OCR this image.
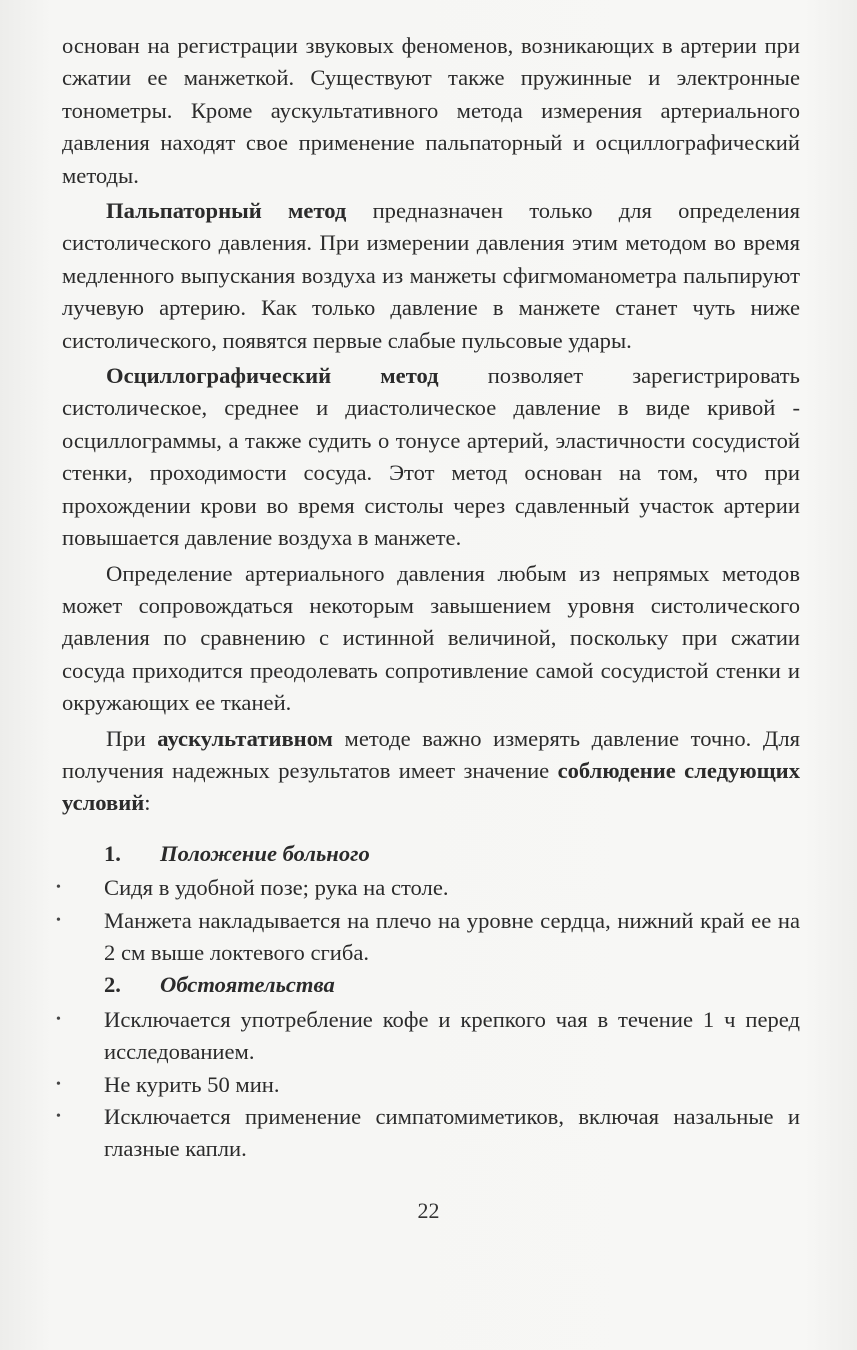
основан на регистрации звуковых феноменов, возникающих в артерии при сжатии ее манжеткой. Существуют также пружинные и электронные тонометры. Кроме аускультативного метода измерения артериального давления находят свое применение пальпаторный и осциллографический методы.

Пальпаторный метод предназначен только для определения систолического давления. При измерении давления этим методом во время медленного выпускания воздуха из манжеты сфигмоманометра пальпируют лучевую артерию. Как только давление в манжете станет чуть ниже систолического, появятся первые слабые пульсовые удары.

Осциллографический метод позволяет зарегистрировать систолическое, среднее и диастолическое давление в виде кривой - осциллограммы, а также судить о тонусе артерий, эластичности сосудистой стенки, проходимости сосуда. Этот метод основан на том, что при прохождении крови во время систолы через сдавленный участок артерии повышается давление воздуха в манжете.

Определение артериального давления любым из непрямых методов может сопровождаться некоторым завышением уровня систолического давления по сравнению с истинной величиной, поскольку при сжатии сосуда приходится преодолевать сопротивление самой сосудистой стенки и окружающих ее тканей.

При аускультативном методе важно измерять давление точно. Для получения надежных результатов имеет значение соблюдение следующих условий:

1. Положение больного
• Сидя в удобной позе; рука на столе.
• Манжета накладывается на плечо на уровне сердца, нижний край ее на 2 см выше локтевого сгиба.
2. Обстоятельства
• Исключается употребление кофе и крепкого чая в течение 1 ч перед исследованием.
• Не курить 50 мин.
• Исключается применение симпатомиметиков, включая назальные и глазные капли.
22
